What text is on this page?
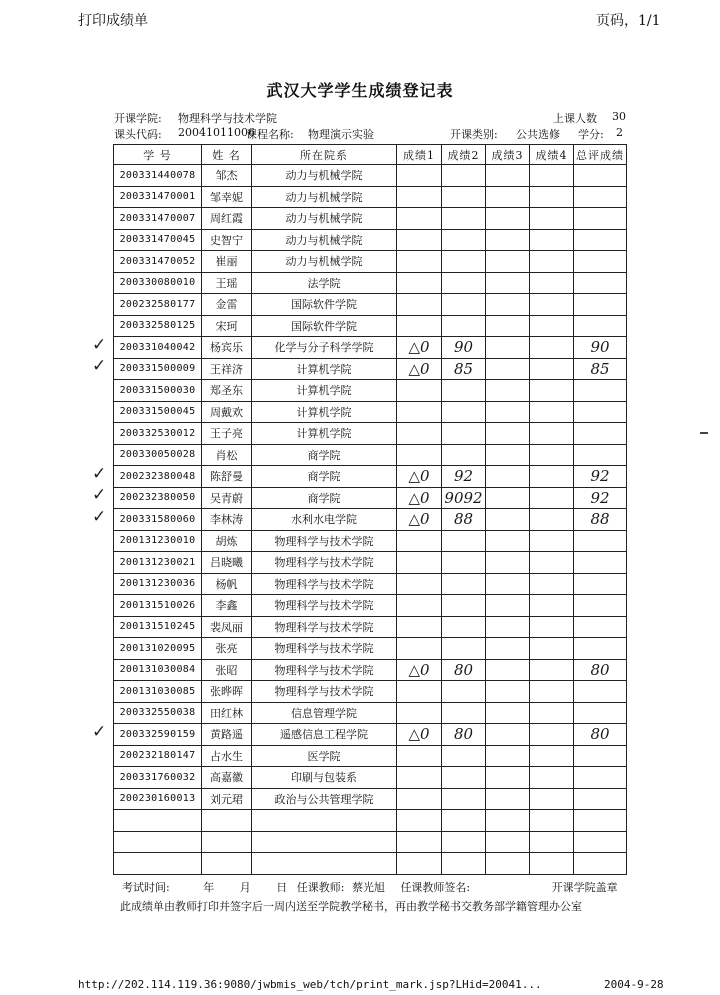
打印成绩单	页码，1/1
武汉大学学生成绩登记表
开课学院: 物理科学与技术学院	上课人数 30
课头代码: 20041011006
课程名称: 物理演示实验	开课类别: 公共选修 学分: 2
学 号	姓 名	所在院系	成绩1	成绩2	成绩3	成绩4	总评成绩
200331440078	邹杰	动力与机械学院					
200331470001	邹幸妮	动力与机械学院					
200331470007	周红霞	动力与机械学院					
200331470045	史智宁	动力与机械学院					
200331470052	崔丽	动力与机械学院					
200330080010	王瑶	法学院					
200232580177	金雷	国际软件学院					
200332580125	宋珂	国际软件学院					
200331040042	杨宾乐	化学与分子科学学院	△0	90			90
200331500009	王祥济	计算机学院	△0	85			85
200331500030	郑圣东	计算机学院					
200331500045	周戴欢	计算机学院					
200332530012	王子亮	计算机学院					
200330050028	肖松	商学院					
200232380048	陈舒曼	商学院	△0	92			92
200232380050	吴青蔚	商学院	△0	9092			92
200331580060	李林涛	水利水电学院	△0	88			88
200131230010	胡炼	物理科学与技术学院					
200131230021	吕晓曦	物理科学与技术学院					
200131230036	杨帆	物理科学与技术学院					
200131510026	李鑫	物理科学与技术学院					
200131510245	裴凤丽	物理科学与技术学院					
200131020095	张亮	物理科学与技术学院					
200131030084	张昭	物理科学与技术学院	△0	80			80
200131030085	张晔晖	物理科学与技术学院					
200332550038	田红林	信息管理学院					
200332590159	黄路遥	遥感信息工程学院	△0	80			80
200232180147	占水生	医学院					
200331760032	高嘉徽	印刷与包装系					
200230160013	刘元珺	政治与公共管理学院					

✓
✓
✓
✓
✓
✓
考试时间:	年 月 日 任课教师: 蔡光旭 任课教师签名:	开课学院盖章
此成绩单由教师打印并签字后一周内送至学院教学秘书，再由教学秘书交教务部学籍管理办公室
http://202.114.119.36:9080/jwbmis_web/tch/print_mark.jsp?LHid=20041...	2004-9-28
